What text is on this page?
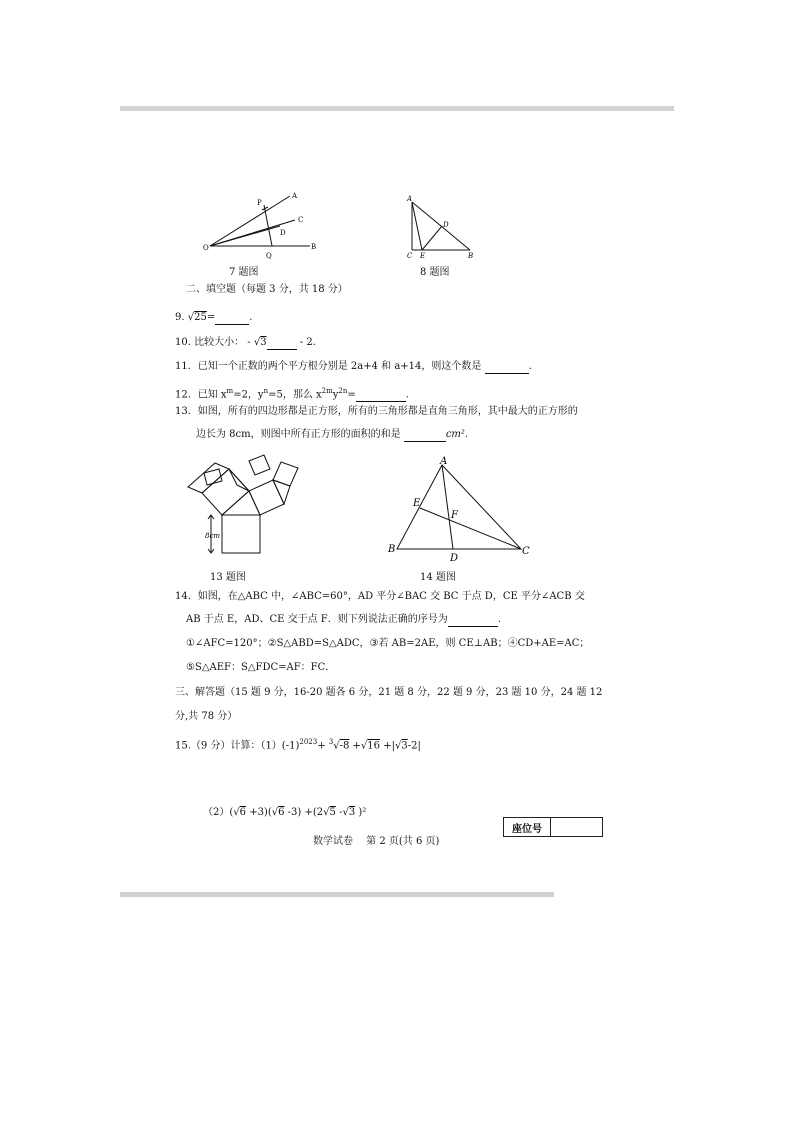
O
P
A
C
D
Q
B
7 题图
A
D
C E	B
8 题图
二、填空题（每题 3 分，共 18 分）
9. √25=	.
10. 比较大小： - √3	- 2.
11．已知一个正数的两个平方根分别是 2a+4 和 a+14，则这个数是	.
12．已知 $x^m=2$，$y^n=5$，那么 $x^{2m}y^{2n}=$	.
13．如图，所有的四边形都是正方形，所有的三角形都是直角三角形，其中最大的正方形的
边长为 8cm，则图中所有正方形的面积的和是	cm².
8cm
13 题图
A
E
F
B
D
C
14 题图
14．如图，在△ABC 中，∠ABC=60°，AD 平分∠BAC 交 BC 于点 D，CE 平分∠ACB 交
AB 于点 E，AD、CE 交于点 F．则下列说法正确的序号为	.
①∠AFC=120°；②S△ABD=S△ADC，③若 AB=2AE，则 CE⊥AB；④CD+AE=AC；
⑤S△AEF：S△FDC=AF：FC．
三、解答题（15 题 9 分，16-20 题各 6 分，21 题 8 分，22 题 9 分，23 题 10 分，24 题 12
分,共 78 分）
15.（9 分）计算：$(1)(-1)^{2023}+ ^3√-8 +√16 +|√3-2|$
（2）(√6 +3)(√6 -3) +(2√5 -√3 )²
座位号
数学试卷　 第 2 页(共 6 页)
